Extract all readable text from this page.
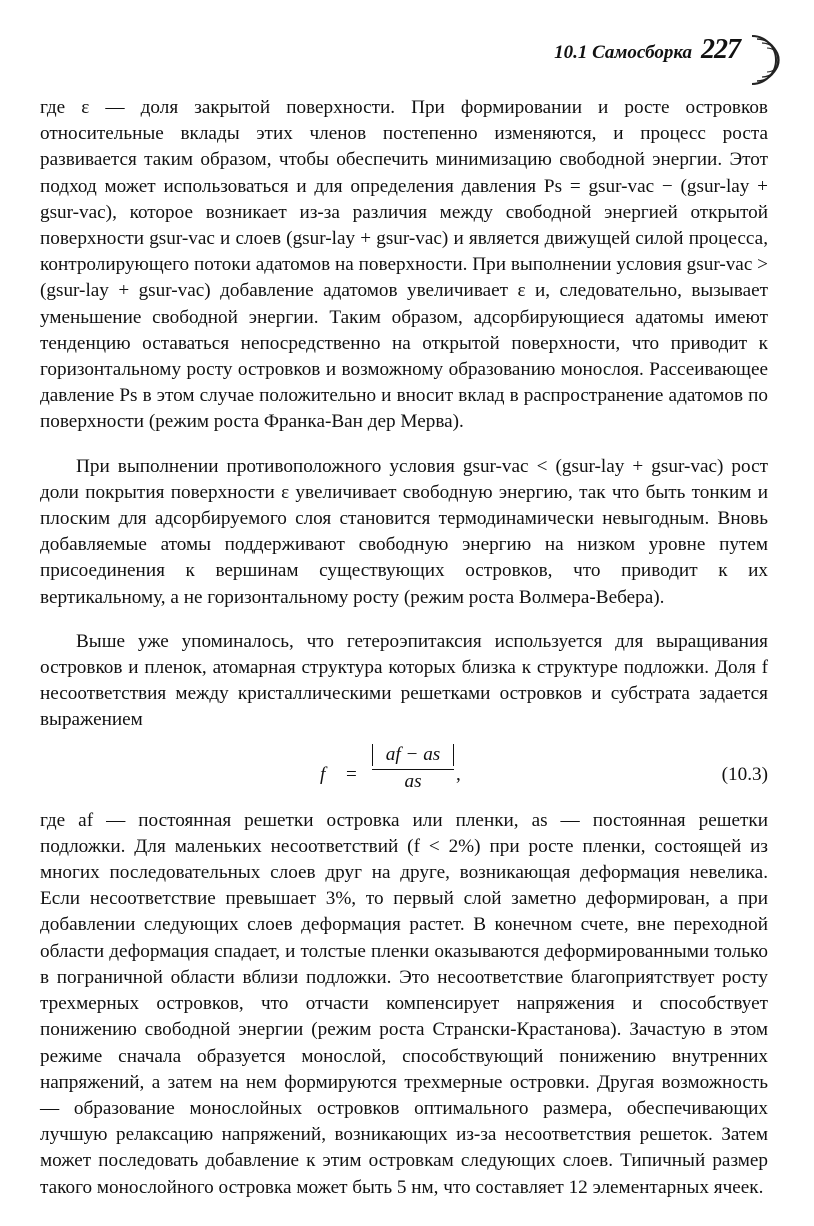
10.1 Самосборка 227

где ε — доля закрытой поверхности. При формировании и росте островков относительные вклады этих членов постепенно изменяются, и процесс роста развивается таким образом, чтобы обеспечить минимизацию свободной энергии. Этот подход может использоваться и для определения давления Ps = gsur-vac − (gsur-lay + gsur-vac), которое возникает из-за различия между свободной энергией открытой поверхности gsur-vac и слоев (gsur-lay + gsur-vac) и является движущей силой процесса, контролирующего потоки адатомов на поверхности. При выполнении условия gsur-vac > (gsur-lay + gsur-vac) добавление адатомов увеличивает ε и, следовательно, вызывает уменьшение свободной энергии. Таким образом, адсорбирующиеся адатомы имеют тенденцию оставаться непосредственно на открытой поверхности, что приводит к горизонтальному росту островков и возможному образованию монослоя. Рассеивающее давление Ps в этом случае положительно и вносит вклад в распространение адатомов по поверхности (режим роста Франка-Ван дер Мерва).

При выполнении противоположного условия gsur-vac < (gsur-lay + gsur-vac) рост доли покрытия поверхности ε увеличивает свободную энергию, так что быть тонким и плоским для адсорбируемого слоя становится термодинамически невыгодным. Вновь добавляемые атомы поддерживают свободную энергию на низком уровне путем присоединения к вершинам существующих островков, что приводит к их вертикальному, а не горизонтальному росту (режим роста Волмера-Вебера).

Выше уже упоминалось, что гетероэпитаксия используется для выращивания островков и пленок, атомарная структура которых близка к структуре подложки. Доля f несоответствия между кристаллическими решетками островков и субстрата задается выражением

f =
af − as
as	,	(10.3)

где af — постоянная решетки островка или пленки, as — постоянная решетки подложки. Для маленьких несоответствий (f < 2%) при росте пленки, состоящей из многих последовательных слоев друг на друге, возникающая деформация невелика. Если несоответствие превышает 3%, то первый слой заметно деформирован, а при добавлении следующих слоев деформация растет. В конечном счете, вне переходной области деформация спадает, и толстые пленки оказываются деформированными только в пограничной области вблизи подложки. Это несоответствие благоприятствует росту трехмерных островков, что отчасти компенсирует напряжения и способствует понижению свободной энергии (режим роста Странски-Крастанова). Зачастую в этом режиме сначала образуется монослой, способствующий понижению внутренних напряжений, а затем на нем формируются трехмерные островки. Другая возможность — образование монослойных островков оптимального размера, обеспечивающих лучшую релаксацию напряжений, возникающих из-за несоответствия решеток. Затем может последовать добавление к этим островкам следующих слоев. Типичный размер такого монослойного островка может быть 5 нм, что составляет 12 элементарных ячеек.
